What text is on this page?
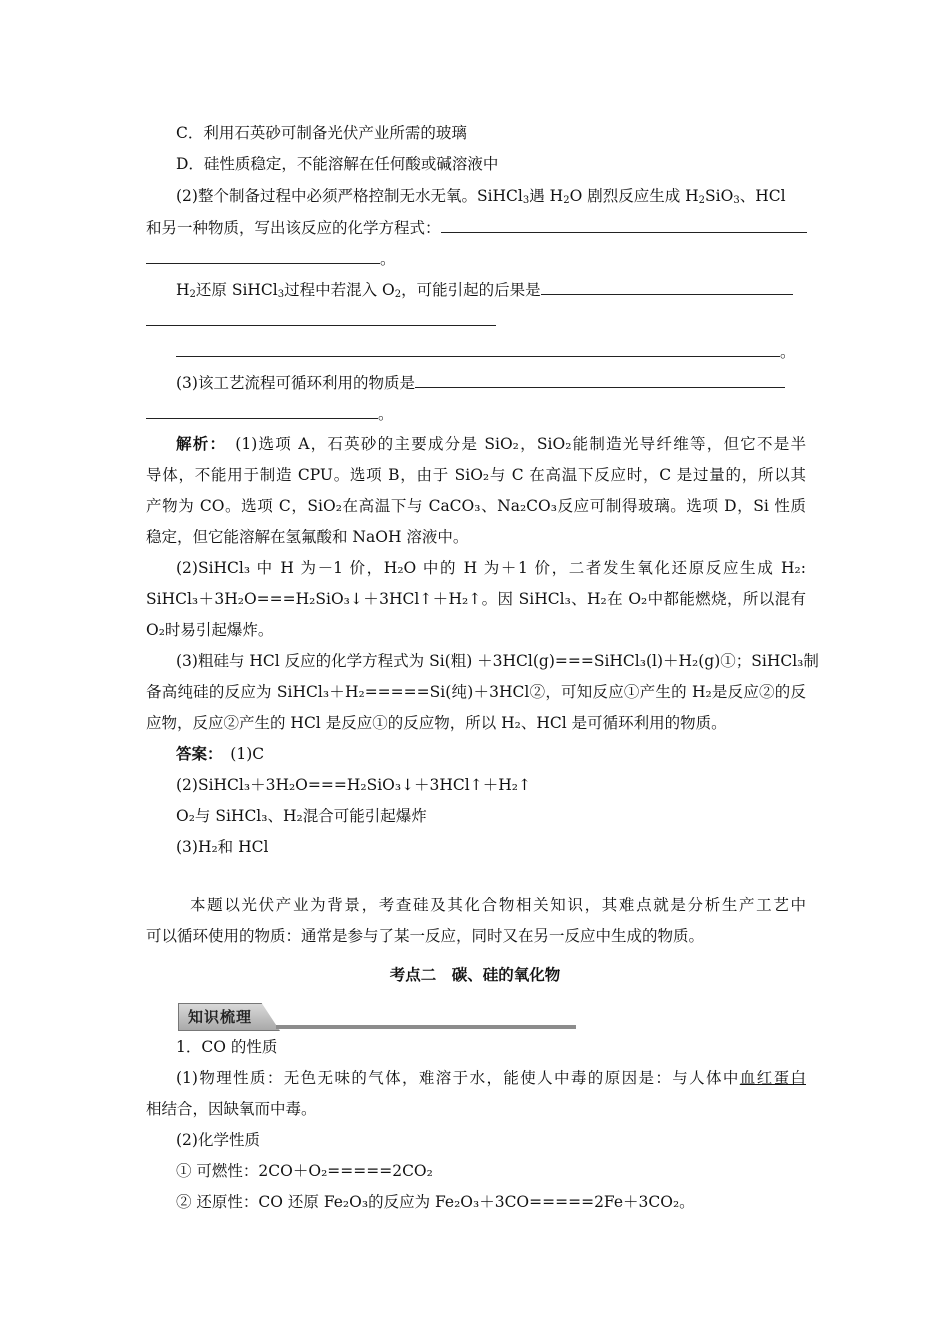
C．利用石英砂可制备光伏产业所需的玻璃
D．硅性质稳定，不能溶解在任何酸或碱溶液中
(2)整个制备过程中必须严格控制无水无氧。SiHCl$_3$遇 $H_2O$ 剧烈反应生成 $H_2SiO_3$、HCl
和另一种物质，写出该反应的化学方程式：
。
$H_2$还原 SiHCl$_3$过程中若混入 $O_2$，可能引起的后果是
。
(3)该工艺流程可循环利用的物质是
。
解析：　 (1)选项 A，石英砂的主要成分是 SiO₂，SiO₂能制造光导纤维等，但它不是半
导体，不能用于制造 CPU。选项 B，由于 SiO₂与 C 在高温下反应时，C 是过量的，所以其
产物为 CO。选项 C，SiO₂在高温下与 CaCO₃、Na₂CO₃反应可制得玻璃。选项 D，Si 性质
稳定，但它能溶解在氢氟酸和 NaOH 溶液中。
(2)SiHCl₃ 中 H 为－1 价，H₂O 中的 H 为＋1 价，二者发生氧化还原反应生成 H₂:
SiHCl₃＋3H₂O===H₂SiO₃↓＋3HCl↑＋H₂↑。因 SiHCl₃、H₂在 O₂中都能燃烧，所以混有
O₂时易引起爆炸。
(3)粗硅与 HCl 反应的化学方程式为 Si(粗) ＋3HCl(g)===SiHCl₃(l)＋H₂(g)①；SiHCl₃制
备高纯硅的反应为 SiHCl₃＋H₂=====Si(纯)＋3HCl②，可知反应①产生的 H₂是反应②的反
应物，反应②产生的 HCl 是反应①的反应物，所以 H₂、HCl 是可循环利用的物质。
答案：　 (1)C
(2)SiHCl₃＋3H₂O===H₂SiO₃↓＋3HCl↑＋H₂↑
O₂与 SiHCl₃、H₂混合可能引起爆炸
(3)H₂和 HCl
本题以光伏产业为背景，考查硅及其化合物相关知识，其难点就是分析生产工艺中
可以循环使用的物质：通常是参与了某一反应，同时又在另一反应中生成的物质。
考点二　碳、硅的氧化物
知识梳理
1．CO 的性质
(1)物理性质：无色无味的气体，难溶于水，能使人中毒的原因是：与人体中血红蛋白
相结合，因缺氧而中毒。
(2)化学性质
① 可燃性：2CO＋O₂=====2CO₂
② 还原性：CO 还原 Fe₂O₃的反应为 Fe₂O₃＋3CO=====2Fe＋3CO₂。
